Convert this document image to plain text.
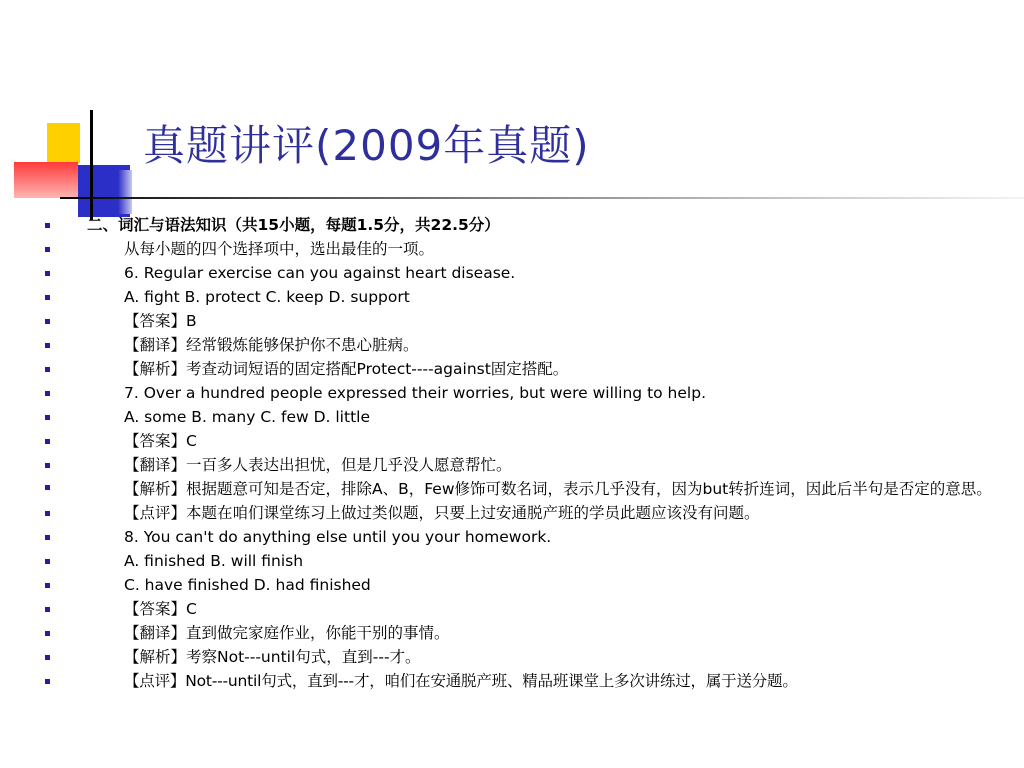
真题讲评(2009年真题)
二、词汇与语法知识（共15小题，每题1.5分，共22.5分）
从每小题的四个选择项中，选出最佳的一项。
6. Regular exercise can you against heart disease.
A. fight B. protect C. keep D. support
【答案】B
【翻译】经常锻炼能够保护你不患心脏病。
【解析】考查动词短语的固定搭配Protect----against固定搭配。
7. Over a hundred people expressed their worries, but were willing to help.
A. some B. many C. few D. little
【答案】C
【翻译】一百多人表达出担忧，但是几乎没人愿意帮忙。
【解析】根据题意可知是否定，排除A、B，Few修饰可数名词，表示几乎没有，因为but转折连词，因此后半句是否定的意思。
【点评】本题在咱们课堂练习上做过类似题，只要上过安通脱产班的学员此题应该没有问题。
8. You can't do anything else until you your homework.
A. finished B. will finish
C. have finished D. had finished
【答案】C
【翻译】直到做完家庭作业，你能干别的事情。
【解析】考察Not---until句式，直到---才。
【点评】Not---until句式，直到---才，咱们在安通脱产班、精品班课堂上多次讲练过，属于送分题。
